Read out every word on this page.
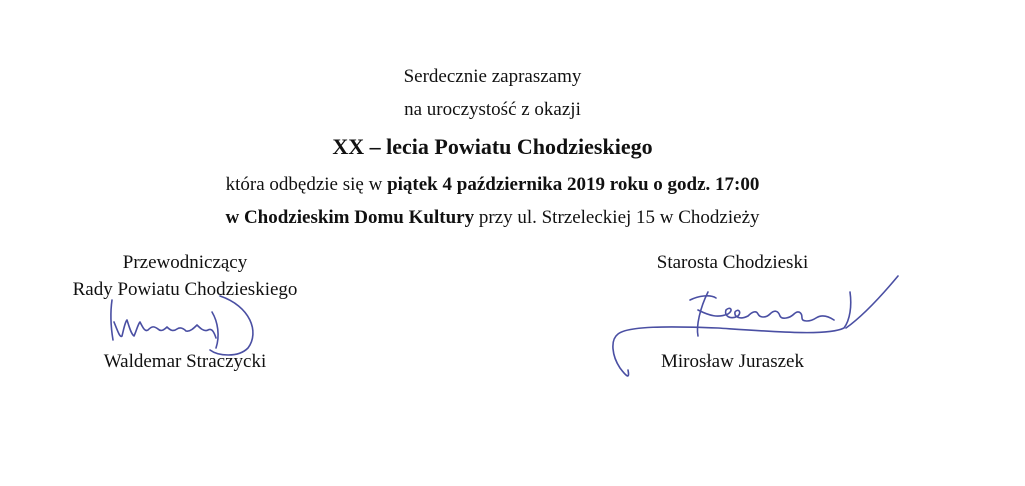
Serdecznie zapraszamy
na uroczystość z okazji
XX – lecia Powiatu Chodzieskiego
która odbędzie się w piątek 4 października 2019 roku o godz. 17:00
w Chodzieskim Domu Kultury przy ul. Strzeleckiej 15 w Chodzieży
Przewodniczący
Rady Powiatu Chodzieskiego
Waldemar Straczycki
Starosta Chodzieski
Mirosław Juraszek
